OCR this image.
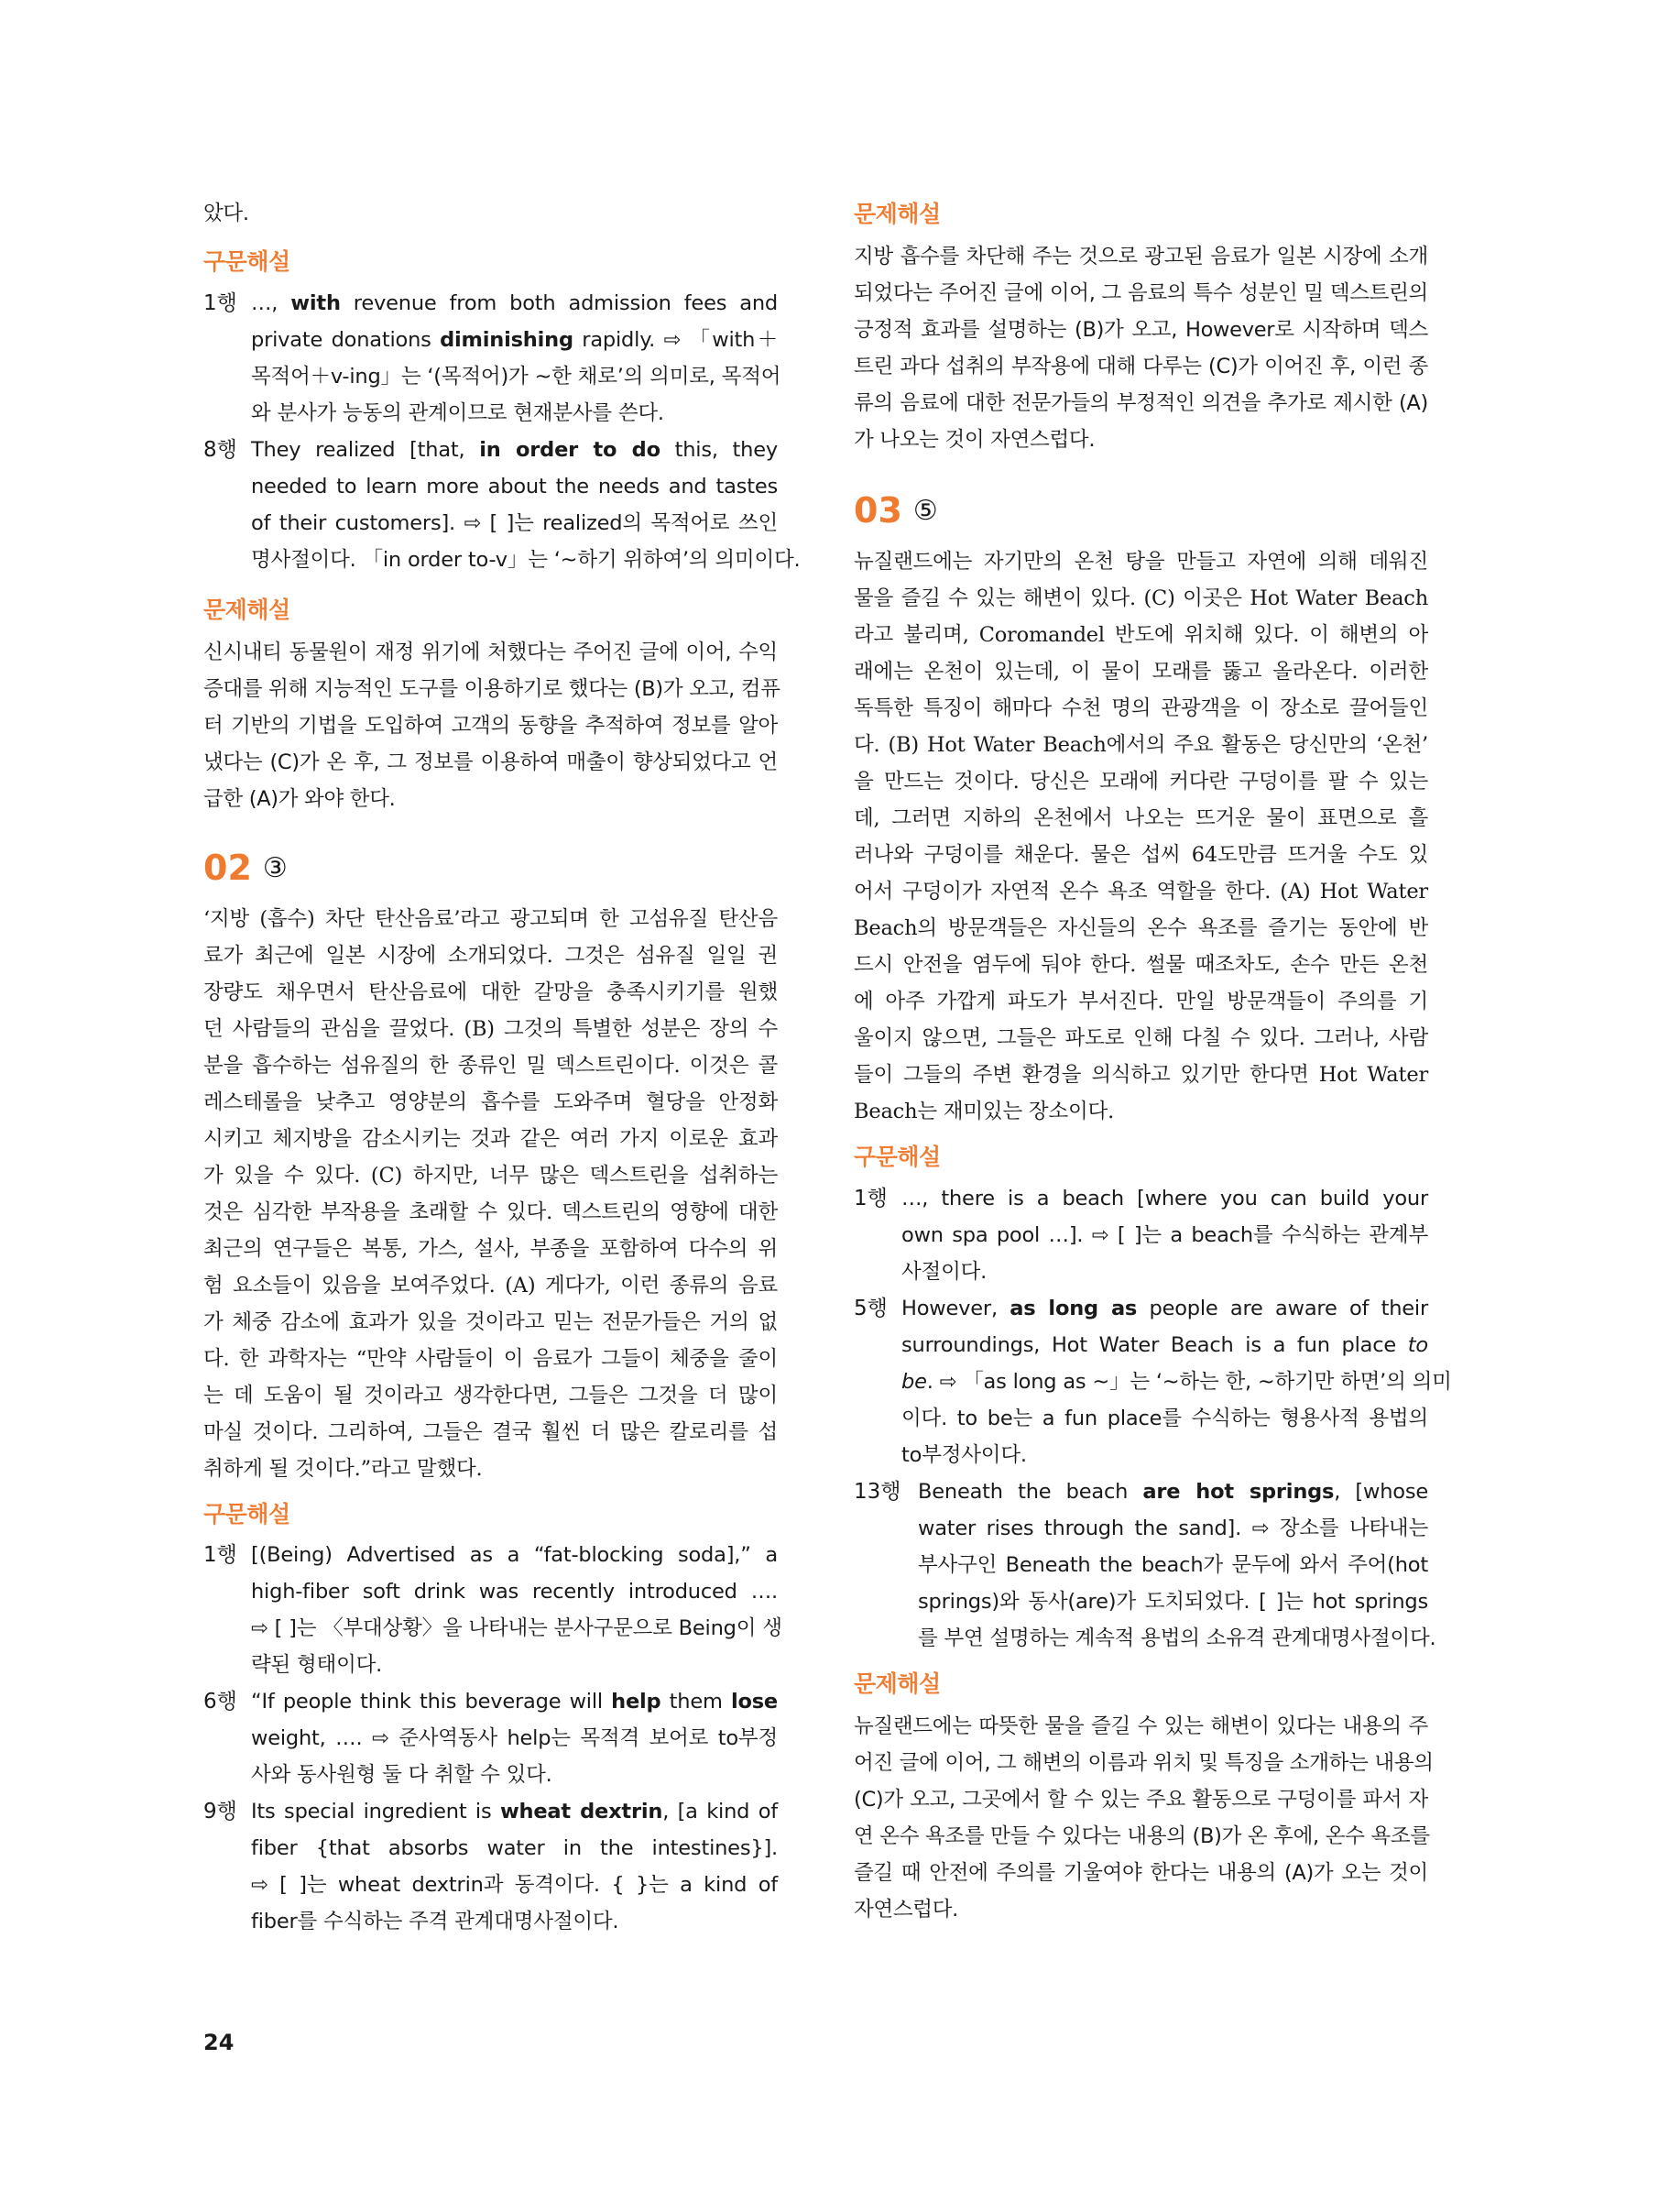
았다.
구문해설
1행 …, with revenue from both admission fees and
private donations diminishing rapidly. ⇨ 「with＋
목적어＋v-ing」는 ‘(목적어)가 ~한 채로’의 의미로, 목적어
와 분사가 능동의 관계이므로 현재분사를 쓴다.
8행 They realized [that, in order to do this, they
needed to learn more about the needs and tastes
of their customers]. ⇨ [ ]는 realized의 목적어로 쓰인
명사절이다. 「in order to-v」는 ‘~하기 위하여’의 의미이다.
문제해설
신시내티 동물원이 재정 위기에 처했다는 주어진 글에 이어, 수익
증대를 위해 지능적인 도구를 이용하기로 했다는 (B)가 오고, 컴퓨
터 기반의 기법을 도입하여 고객의 동향을 추적하여 정보를 알아
냈다는 (C)가 온 후, 그 정보를 이용하여 매출이 향상되었다고 언
급한 (A)가 와야 한다.
02 ③
‘지방 (흡수) 차단 탄산음료’라고 광고되며 한 고섬유질 탄산음
료가 최근에 일본 시장에 소개되었다. 그것은 섬유질 일일 권
장량도 채우면서 탄산음료에 대한 갈망을 충족시키기를 원했
던 사람들의 관심을 끌었다. (B) 그것의 특별한 성분은 장의 수
분을 흡수하는 섬유질의 한 종류인 밀 덱스트린이다. 이것은 콜
레스테롤을 낮추고 영양분의 흡수를 도와주며 혈당을 안정화
시키고 체지방을 감소시키는 것과 같은 여러 가지 이로운 효과
가 있을 수 있다. (C) 하지만, 너무 많은 덱스트린을 섭취하는
것은 심각한 부작용을 초래할 수 있다. 덱스트린의 영향에 대한
최근의 연구들은 복통, 가스, 설사, 부종을 포함하여 다수의 위
험 요소들이 있음을 보여주었다. (A) 게다가, 이런 종류의 음료
가 체중 감소에 효과가 있을 것이라고 믿는 전문가들은 거의 없
다. 한 과학자는 “만약 사람들이 이 음료가 그들이 체중을 줄이
는 데 도움이 될 것이라고 생각한다면, 그들은 그것을 더 많이
마실 것이다. 그리하여, 그들은 결국 훨씬 더 많은 칼로리를 섭
취하게 될 것이다.”라고 말했다.
구문해설
1행 [(Being) Advertised as a “fat-blocking soda],” a
high-fiber soft drink was recently introduced ….
⇨ [ ]는 〈부대상황〉을 나타내는 분사구문으로 Being이 생
략된 형태이다.
6행 “If people think this beverage will help them lose
weight, …. ⇨ 준사역동사 help는 목적격 보어로 to부정
사와 동사원형 둘 다 취할 수 있다.
9행 Its special ingredient is wheat dextrin, [a kind of
fiber {that absorbs water in the intestines}].
⇨ [ ]는 wheat dextrin과 동격이다. { }는 a kind of
fiber를 수식하는 주격 관계대명사절이다.
문제해설
지방 흡수를 차단해 주는 것으로 광고된 음료가 일본 시장에 소개
되었다는 주어진 글에 이어, 그 음료의 특수 성분인 밀 덱스트린의
긍정적 효과를 설명하는 (B)가 오고, However로 시작하며 덱스
트린 과다 섭취의 부작용에 대해 다루는 (C)가 이어진 후, 이런 종
류의 음료에 대한 전문가들의 부정적인 의견을 추가로 제시한 (A)
가 나오는 것이 자연스럽다.
03 ⑤
뉴질랜드에는 자기만의 온천 탕을 만들고 자연에 의해 데워진
물을 즐길 수 있는 해변이 있다. (C) 이곳은 Hot Water Beach
라고 불리며, Coromandel 반도에 위치해 있다. 이 해변의 아
래에는 온천이 있는데, 이 물이 모래를 뚫고 올라온다. 이러한
독특한 특징이 해마다 수천 명의 관광객을 이 장소로 끌어들인
다. (B) Hot Water Beach에서의 주요 활동은 당신만의 ‘온천’
을 만드는 것이다. 당신은 모래에 커다란 구덩이를 팔 수 있는
데, 그러면 지하의 온천에서 나오는 뜨거운 물이 표면으로 흘
러나와 구덩이를 채운다. 물은 섭씨 64도만큼 뜨거울 수도 있
어서 구덩이가 자연적 온수 욕조 역할을 한다. (A) Hot Water
Beach의 방문객들은 자신들의 온수 욕조를 즐기는 동안에 반
드시 안전을 염두에 둬야 한다. 썰물 때조차도, 손수 만든 온천
에 아주 가깝게 파도가 부서진다. 만일 방문객들이 주의를 기
울이지 않으면, 그들은 파도로 인해 다칠 수 있다. 그러나, 사람
들이 그들의 주변 환경을 의식하고 있기만 한다면 Hot Water
Beach는 재미있는 장소이다.
구문해설
1행 …, there is a beach [where you can build your
own spa pool …]. ⇨ [ ]는 a beach를 수식하는 관계부
사절이다.
5행 However, as long as people are aware of their
surroundings, Hot Water Beach is a fun place to
be. ⇨ 「as long as ~」는 ‘~하는 한, ~하기만 하면’의 의미
이다. to be는 a fun place를 수식하는 형용사적 용법의
to부정사이다.
13행 Beneath the beach are hot springs, [whose
water rises through the sand]. ⇨ 장소를 나타내는
부사구인 Beneath the beach가 문두에 와서 주어(hot
springs)와 동사(are)가 도치되었다. [ ]는 hot springs
를 부연 설명하는 계속적 용법의 소유격 관계대명사절이다.
문제해설
뉴질랜드에는 따뜻한 물을 즐길 수 있는 해변이 있다는 내용의 주
어진 글에 이어, 그 해변의 이름과 위치 및 특징을 소개하는 내용의
(C)가 오고, 그곳에서 할 수 있는 주요 활동으로 구덩이를 파서 자
연 온수 욕조를 만들 수 있다는 내용의 (B)가 온 후에, 온수 욕조를
즐길 때 안전에 주의를 기울여야 한다는 내용의 (A)가 오는 것이
자연스럽다.
24
